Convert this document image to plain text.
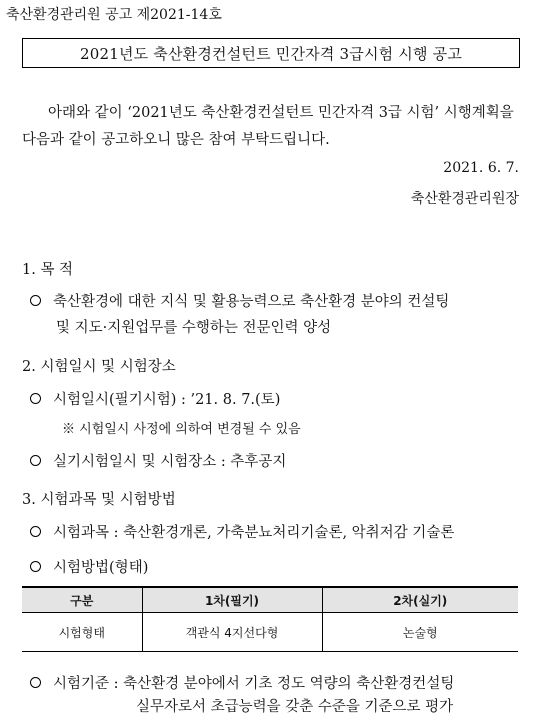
축산환경관리원 공고 제2021-14호
2021년도 축산환경컨설턴트 민간자격 3급시험 시행 공고
아래와 같이 ‘2021년도 축산환경컨설턴트 민간자격 3급 시험’ 시행계획을 다음과 같이 공고하오니 많은 참여 부탁드립니다.
2021. 6. 7.
축산환경관리원장
1. 목 적
축산환경에 대한 지식 및 활용능력으로 축산환경 분야의 컨설팅
및 지도·지원업무를 수행하는 전문인력 양성
2. 시험일시 및 시험장소
시험일시(필기시험) : ’21. 8. 7.(토)
※ 시험일시 사정에 의하여 변경될 수 있음
실기시험일시 및 시험장소 : 추후공지
3. 시험과목 및 시험방법
시험과목 : 축산환경개론, 가축분뇨처리기술론, 악취저감 기술론
시험방법(형태)
구분	1차(필기)	2차(실기)
시험형태	객관식 4지선다형	논술형
시험기준 : 축산환경 분야에서 기초 정도 역량의 축산환경컨설팅
실무자로서 초급능력을 갖춘 수준을 기준으로 평가
